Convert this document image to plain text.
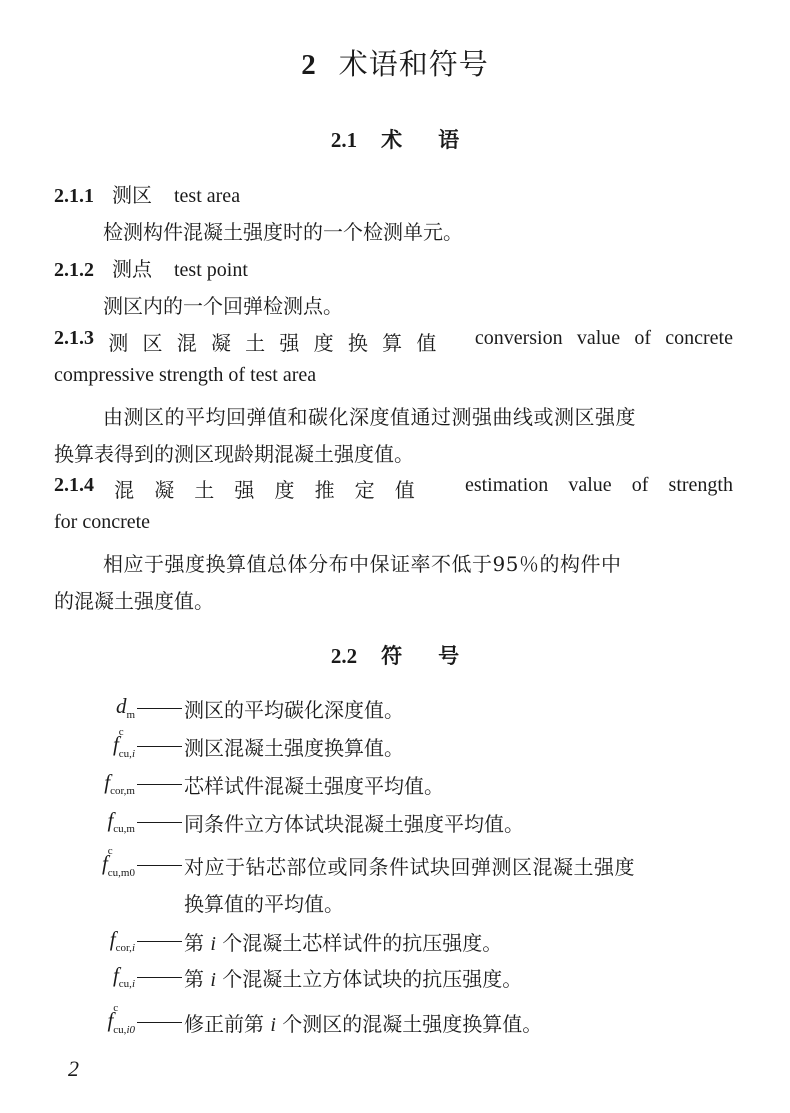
2 术语和符号
2.1 术 语
2.1.1 测区 test area
检测构件混凝土强度时的一个检测单元。
2.1.2 测点 test point
测区内的一个回弹检测点。
2.1.3 测 区 混 凝 土 强 度 换 算 值 conversion value of concrete
compressive strength of test area
由测区的平均回弹值和碳化深度值通过测强曲线或测区强度
换算表得到的测区现龄期混凝土强度值。
2.1.4 混 凝 土 强 度 推 定 值	estimation value of strength
for concrete
相应于强度换算值总体分布中保证率不低于95％的构件中
的混凝土强度值。
2.2 符 号
$d_m$ 测区的平均碳化深度值。
f c
$_{cu,i}$ 测区混凝土强度换算值。
$f_{cor,m}$ 芯样试件混凝土强度平均值。
$f_{cu,m}$ 同条件立方体试块混凝土强度平均值。
f c
$_{cu,m0}$ 对应于钻芯部位或同条件试块回弹测区混凝土强度
换算值的平均值。
$f_{cor,i}$ 第 i 个混凝土芯样试件的抗压强度。
$f_{cu,i}$ 第 i 个混凝土立方体试块的抗压强度。
f c
$_{cu,i0}$ 修正前第 i 个测区的混凝土强度换算值。
2
